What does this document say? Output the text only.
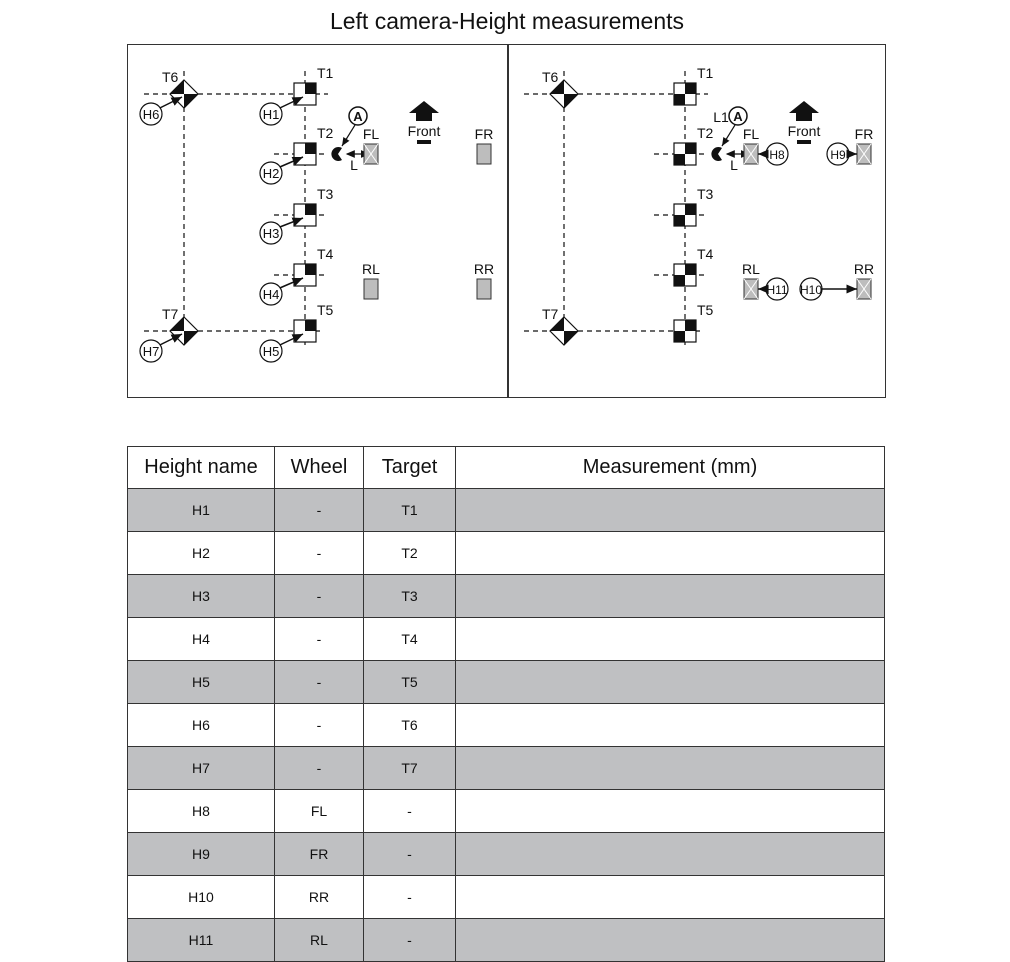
Left camera-Height measurements
T1
T2
T3
T4
T5
T6
T7
A
L
Front
FL	FR
RL	RR
H1
H2
H3
H4
H5
H6
H7
T1
T2
T3
T4
T5
T6
T7
A
L
L1
Front
FL	FR
RL	RR
H8	H9
H10
H11
Height name	Wheel	Target	Measurement (mm)
H1	-	T1	
H2	-	T2	
H3	-	T3	
H4	-	T4	
H5	-	T5	
H6	-	T6	
H7	-	T7	
H8	FL	-	
H9	FR	-	
H10	RR	-	
H11	RL	-	
